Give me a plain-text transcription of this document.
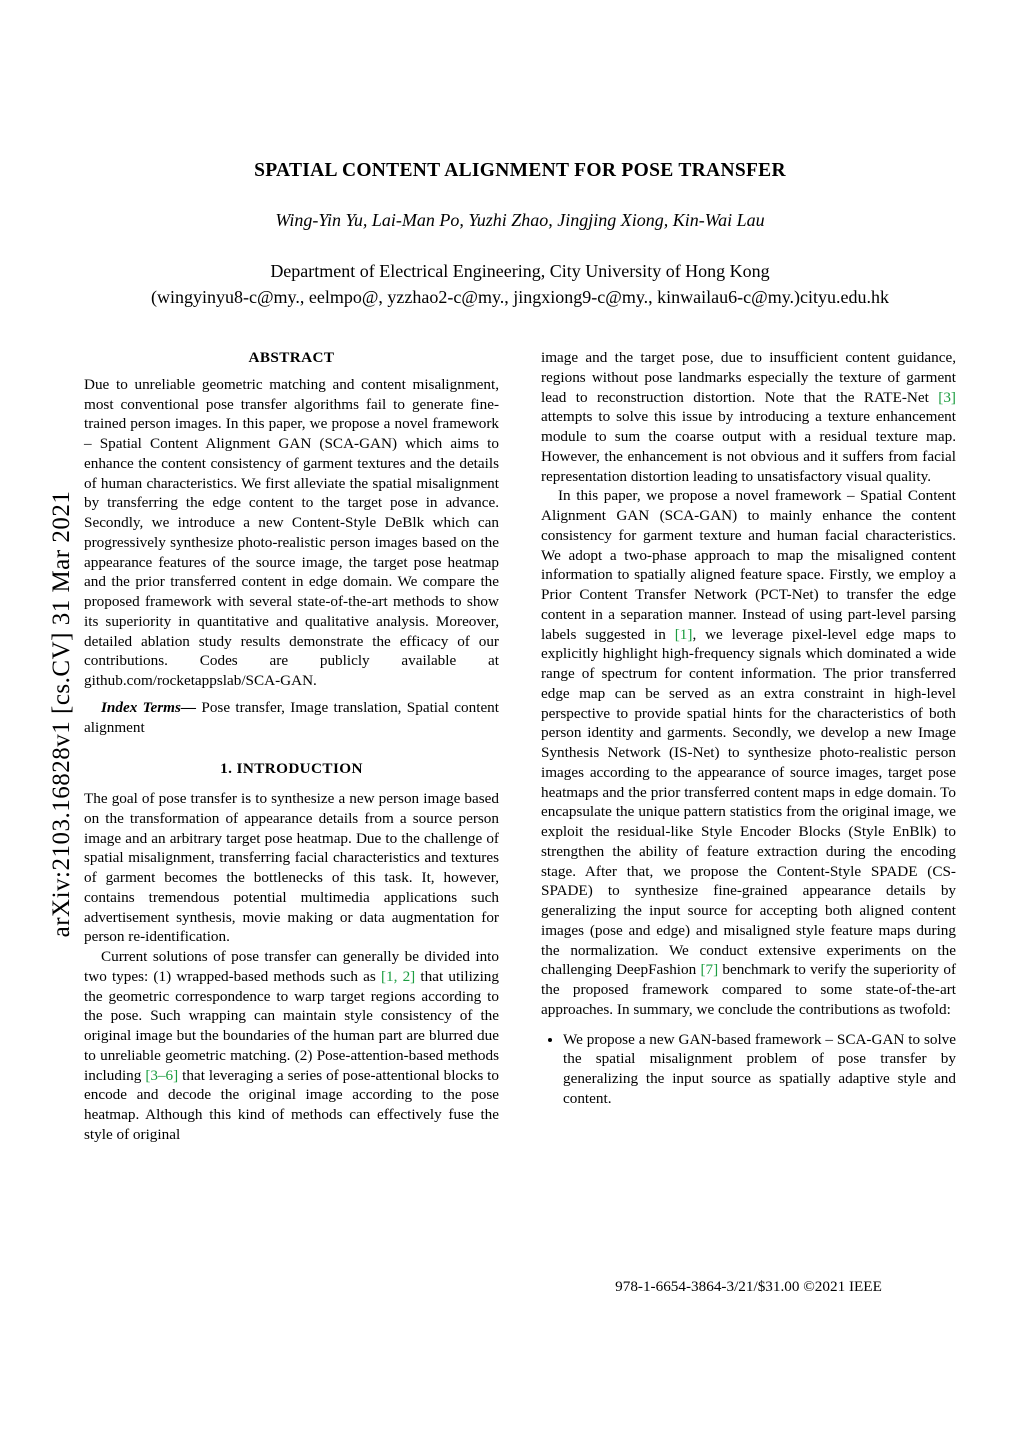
arXiv:2103.16828v1 [cs.CV] 31 Mar 2021
SPATIAL CONTENT ALIGNMENT FOR POSE TRANSFER
Wing-Yin Yu, Lai-Man Po, Yuzhi Zhao, Jingjing Xiong, Kin-Wai Lau
Department of Electrical Engineering, City University of Hong Kong
(wingyinyu8-c@my., eelmpo@, yzzhao2-c@my., jingxiong9-c@my., kinwailau6-c@my.)cityu.edu.hk
ABSTRACT

Due to unreliable geometric matching and content misalignment, most conventional pose transfer algorithms fail to generate fine-trained person images. In this paper, we propose a novel framework – Spatial Content Alignment GAN (SCA-GAN) which aims to enhance the content consistency of garment textures and the details of human characteristics. We first alleviate the spatial misalignment by transferring the edge content to the target pose in advance. Secondly, we introduce a new Content-Style DeBlk which can progressively synthesize photo-realistic person images based on the appearance features of the source image, the target pose heatmap and the prior transferred content in edge domain. We compare the proposed framework with several state-of-the-art methods to show its superiority in quantitative and qualitative analysis. Moreover, detailed ablation study results demonstrate the efficacy of our contributions. Codes are publicly available at github.com/rocketappslab/SCA-GAN.

Index Terms— Pose transfer, Image translation, Spatial content alignment

1. INTRODUCTION

The goal of pose transfer is to synthesize a new person image based on the transformation of appearance details from a source person image and an arbitrary target pose heatmap. Due to the challenge of spatial misalignment, transferring facial characteristics and textures of garment becomes the bottlenecks of this task. It, however, contains tremendous potential multimedia applications such advertisement synthesis, movie making or data augmentation for person re-identification.

Current solutions of pose transfer can generally be divided into two types: (1) wrapped-based methods such as [1, 2] that utilizing the geometric correspondence to warp target regions according to the pose. Such wrapping can maintain style consistency of the original image but the boundaries of the human part are blurred due to unreliable geometric matching. (2) Pose-attention-based methods including [3–6] that leveraging a series of pose-attentional blocks to encode and decode the original image according to the pose heatmap. Although this kind of methods can effectively fuse the style of original

image and the target pose, due to insufficient content guidance, regions without pose landmarks especially the texture of garment lead to reconstruction distortion. Note that the RATE-Net [3] attempts to solve this issue by introducing a texture enhancement module to sum the coarse output with a residual texture map. However, the enhancement is not obvious and it suffers from facial representation distortion leading to unsatisfactory visual quality.

In this paper, we propose a novel framework – Spatial Content Alignment GAN (SCA-GAN) to mainly enhance the content consistency for garment texture and human facial characteristics. We adopt a two-phase approach to map the misaligned content information to spatially aligned feature space. Firstly, we employ a Prior Content Transfer Network (PCT-Net) to transfer the edge content in a separation manner. Instead of using part-level parsing labels suggested in [1], we leverage pixel-level edge maps to explicitly highlight high-frequency signals which dominated a wide range of spectrum for content information. The prior transferred edge map can be served as an extra constraint in high-level perspective to provide spatial hints for the characteristics of both person identity and garments. Secondly, we develop a new Image Synthesis Network (IS-Net) to synthesize photo-realistic person images according to the appearance of source images, target pose heatmaps and the prior transferred content maps in edge domain. To encapsulate the unique pattern statistics from the original image, we exploit the residual-like Style Encoder Blocks (Style EnBlk) to strengthen the ability of feature extraction during the encoding stage. After that, we propose the Content-Style SPADE (CS-SPADE) to synthesize fine-grained appearance details by generalizing the input source for accepting both aligned content images (pose and edge) and misaligned style feature maps during the normalization. We conduct extensive experiments on the challenging DeepFashion [7] benchmark to verify the superiority of the proposed framework compared to some state-of-the-art approaches. In summary, we conclude the contributions as twofold:

• We propose a new GAN-based framework – SCA-GAN to solve the spatial misalignment problem of pose transfer by generalizing the input source as spatially adaptive style and content.
978-1-6654-3864-3/21/$31.00 ©2021 IEEE
